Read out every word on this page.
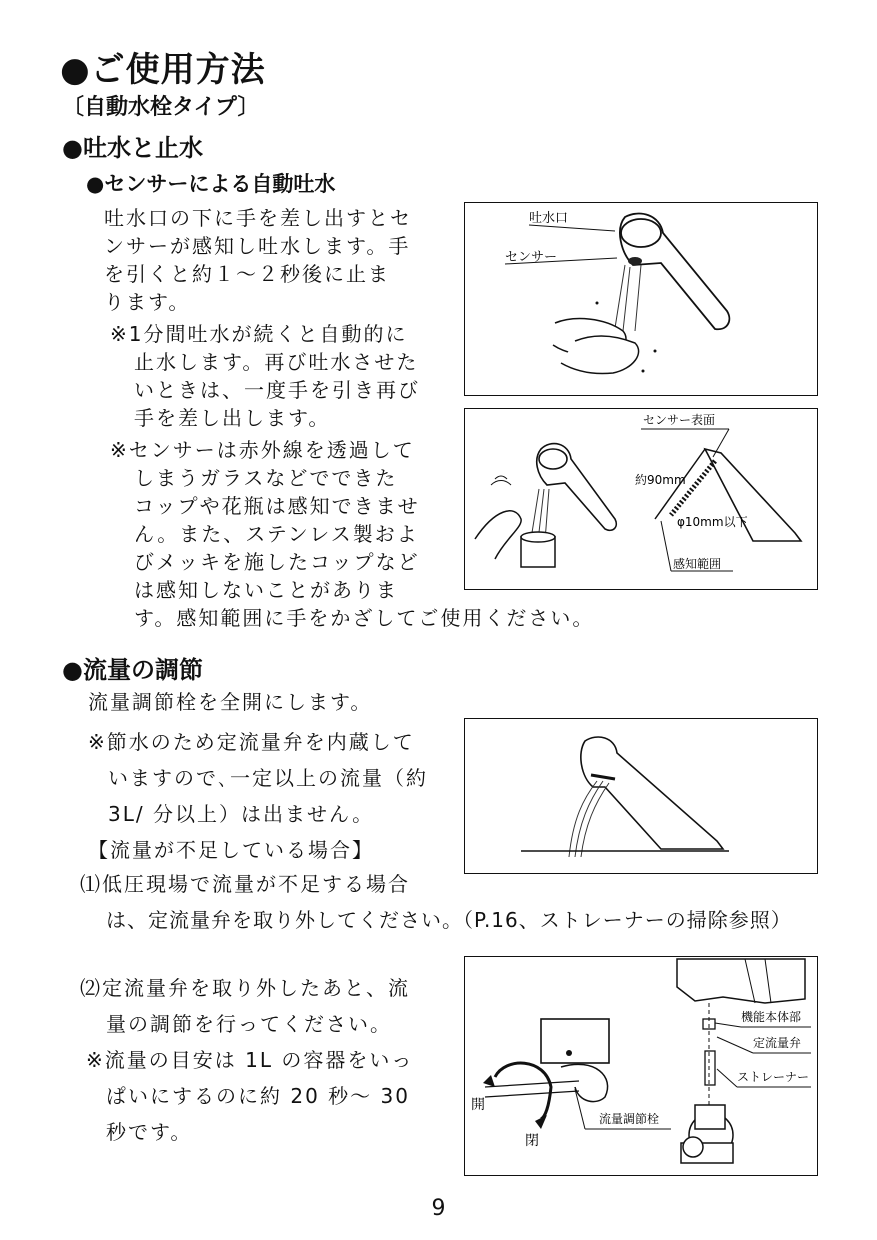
●ご使用方法
〔自動水栓タイプ〕
●吐水と止水
●センサーによる自動吐水
吐水口の下に手を差し出すとセ
ンサーが感知し吐水します。手
を引くと約１～２秒後に止ま
ります。
※1分間吐水が続くと自動的に
止水します。再び吐水させた
いときは、一度手を引き再び
手を差し出します。
※センサーは赤外線を透過して
しまうガラスなどでできた
コップや花瓶は感知できませ
ん。また、ステンレス製およ
びメッキを施したコップなど
は感知しないことがありま
す。感知範囲に手をかざしてご使用ください。
吐水口
センサー
センサー表面
約90mm
φ10mm以下
感知範囲
●流量の調節
流量調節栓を全開にします。
※節水のため定流量弁を内蔵して
いますので､一定以上の流量（約
3L/ 分以上）は出ません。
【流量が不足している場合】
⑴低圧現場で流量が不足する場合
は、定流量弁を取り外してください。（P.16、ストレーナーの掃除参照）
⑵定流量弁を取り外したあと、流
量の調節を行ってください。
※流量の目安は 1L の容器をいっ
ぱいにするのに約 20 秒～ 30
秒です。
機能本体部
定流量弁
ストレーナー
流量調節栓
開
閉
9
